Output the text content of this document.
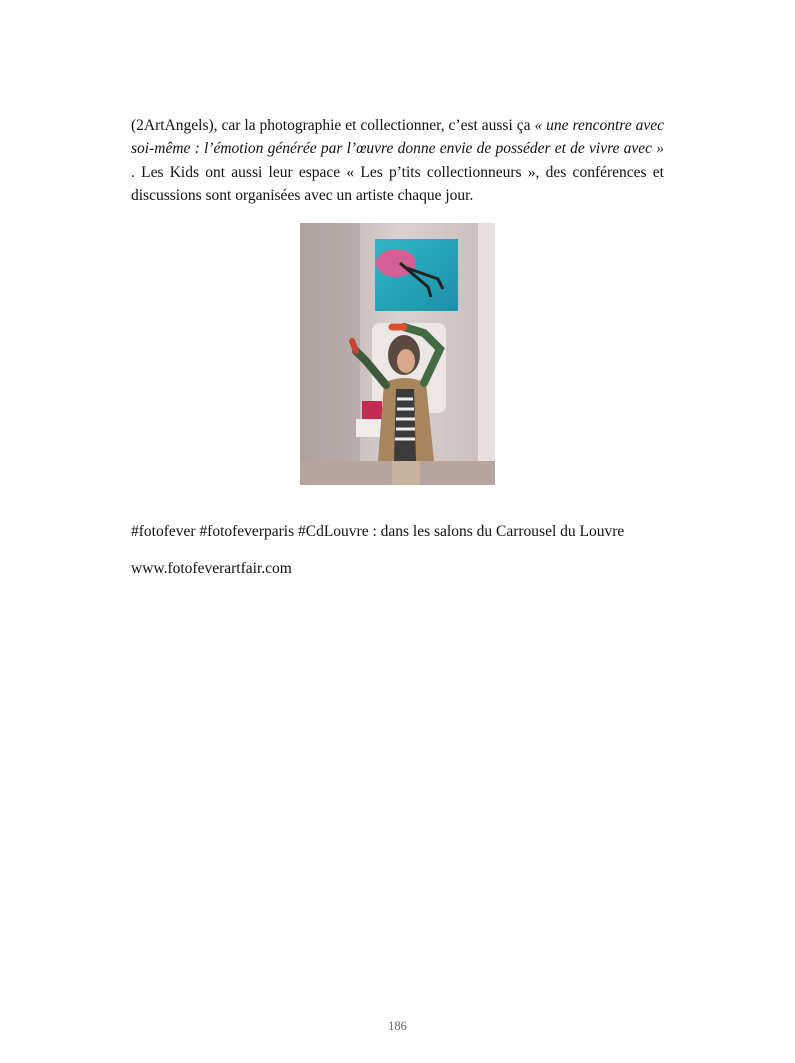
(2ArtAngels), car la photographie et collectionner, c’est aussi ça « une rencontre avec soi-même : l’émotion générée par l’œuvre donne envie de posséder et de vivre avec » . Les Kids ont aussi leur espace « Les p’tits collectionneurs », des conférences et discussions sont organisées avec un artiste chaque jour.

#fotofever #fotofeverparis #CdLouvre : dans les salons du Carrousel du Louvre
www.fotofeverartfair.com
186
